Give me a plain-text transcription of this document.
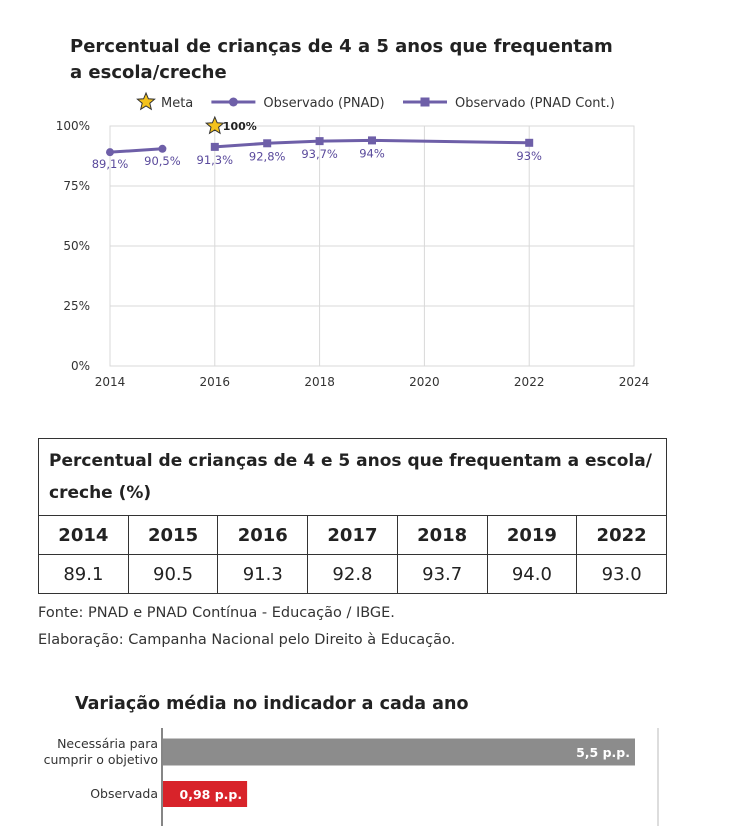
Percentual de crianças de 4 a 5 anos que frequentam a escola/creche
Meta	Observado (PNAD)	Observado (PNAD Cont.)
0%
25%
50%
75%
100%
2014	2016	2018	2020	2022	2024
89,1% 90,5% 91,3% 92,8% 93,7% 94%	93%
100%
Percentual de crianças de 4 e 5 anos que frequentam a escola/ creche (%)						
2014	2015	2016	2017	2018	2019	2022
89.1	90.5	91.3	92.8	93.7	94.0	93.0
Fonte: PNAD e PNAD Contínua - Educação / IBGE.
Elaboração: Campanha Nacional pelo Direito à Educação.
Variação média no indicador a cada ano
5,5 p.p.
Necessária para
cumprir o objetivo
0,98 p.p.
Observada
